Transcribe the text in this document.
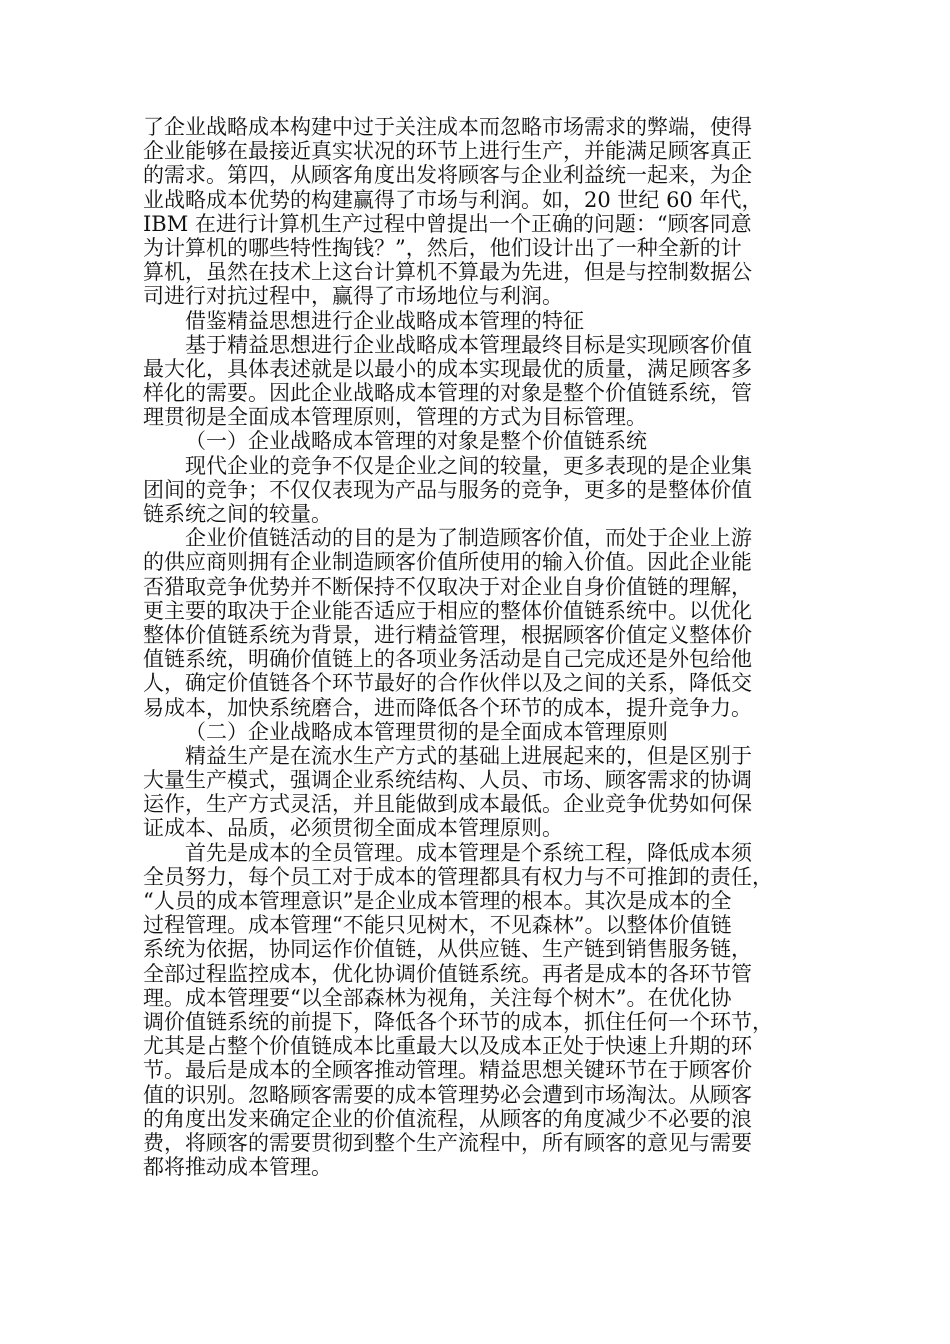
了企业战略成本构建中过于关注成本而忽略市场需求的弊端，使得
企业能够在最接近真实状况的环节上进行生产，并能满足顾客真正
的需求。第四，从顾客角度出发将顾客与企业利益统一起来，为企
业战略成本优势的构建赢得了市场与利润。如，20 世纪 60 年代，
IBM 在进行计算机生产过程中曾提出一个正确的问题：“顾客同意
为计算机的哪些特性掏钱？”，然后，他们设计出了一种全新的计
算机，虽然在技术上这台计算机不算最为先进，但是与控制数据公
司进行对抗过程中，赢得了市场地位与利润。
借鉴精益思想进行企业战略成本管理的特征
基于精益思想进行企业战略成本管理最终目标是实现顾客价值
最大化，具体表述就是以最小的成本实现最优的质量，满足顾客多
样化的需要。因此企业战略成本管理的对象是整个价值链系统，管
理贯彻是全面成本管理原则，管理的方式为目标管理。
（一）企业战略成本管理的对象是整个价值链系统
现代企业的竞争不仅是企业之间的较量，更多表现的是企业集
团间的竞争；不仅仅表现为产品与服务的竞争，更多的是整体价值
链系统之间的较量。
企业价值链活动的目的是为了制造顾客价值，而处于企业上游
的供应商则拥有企业制造顾客价值所使用的输入价值。因此企业能
否猎取竞争优势并不断保持不仅取决于对企业自身价值链的理解，
更主要的取决于企业能否适应于相应的整体价值链系统中。以优化
整体价值链系统为背景，进行精益管理，根据顾客价值定义整体价
值链系统，明确价值链上的各项业务活动是自己完成还是外包给他
人，确定价值链各个环节最好的合作伙伴以及之间的关系，降低交
易成本，加快系统磨合，进而降低各个环节的成本，提升竞争力。
（二）企业战略成本管理贯彻的是全面成本管理原则
精益生产是在流水生产方式的基础上进展起来的，但是区别于
大量生产模式，强调企业系统结构、人员、市场、顾客需求的协调
运作，生产方式灵活，并且能做到成本最低。企业竞争优势如何保
证成本、品质，必须贯彻全面成本管理原则。
首先是成本的全员管理。成本管理是个系统工程，降低成本须
全员努力，每个员工对于成本的管理都具有权力与不可推卸的责任，
“人员的成本管理意识”是企业成本管理的根本。其次是成本的全
过程管理。成本管理“不能只见树木，不见森林”。以整体价值链
系统为依据，协同运作价值链，从供应链、生产链到销售服务链，
全部过程监控成本，优化协调价值链系统。再者是成本的各环节管
理。成本管理要“以全部森林为视角，关注每个树木”。在优化协
调价值链系统的前提下，降低各个环节的成本，抓住任何一个环节，
尤其是占整个价值链成本比重最大以及成本正处于快速上升期的环
节。最后是成本的全顾客推动管理。精益思想关键环节在于顾客价
值的识别。忽略顾客需要的成本管理势必会遭到市场淘汰。从顾客
的角度出发来确定企业的价值流程，从顾客的角度减少不必要的浪
费，将顾客的需要贯彻到整个生产流程中，所有顾客的意见与需要
都将推动成本管理。
